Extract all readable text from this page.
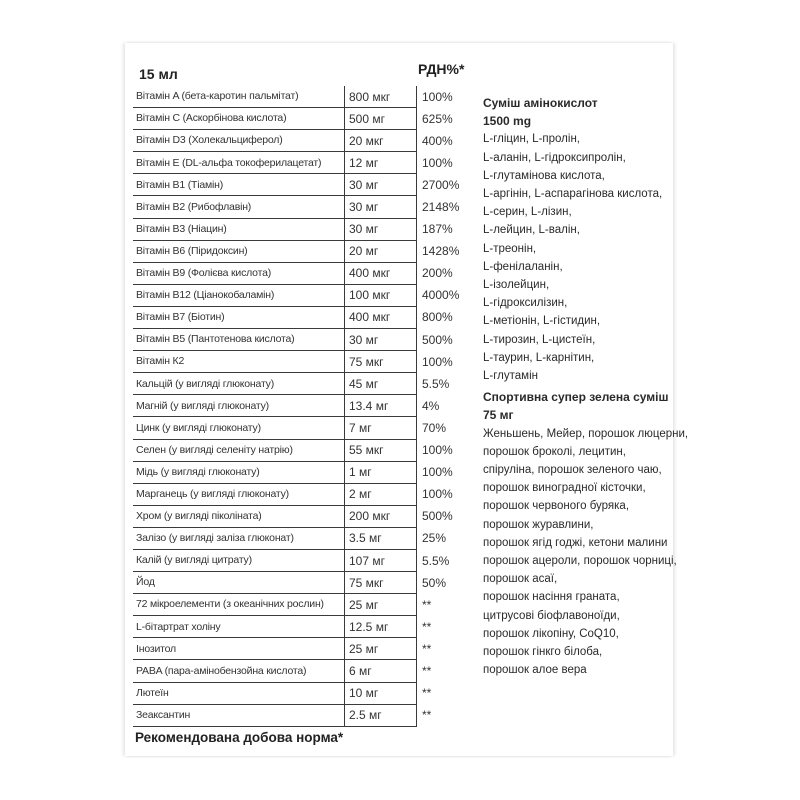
15 мл	РДН%*
Вітамін A (бета-каротин пальмітат)	800 мкг	100%
Вітамін C (Аскорбінова кислота)	500 мг	625%
Вітамін D3 (Холекальциферол)	20 мкг	400%
Вітамін E (DL-альфа токоферилацетат)	12 мг	100%
Вітамін B1 (Тіамін)	30 мг	2700%
Вітамін B2 (Рибофлавін)	30 мг	2148%
Вітамін B3 (Ніацин)	30 мг	187%
Вітамін B6 (Піридоксин)	20 мг	1428%
Вітамін B9 (Фолієва кислота)	400 мкг	200%
Вітамін B12 (Ціанокобаламін)	100 мкг	4000%
Вітамін B7 (Біотин)	400 мкг	800%
Вітамін B5 (Пантотенова кислота)	30 мг	500%
Вітамін К2	75 мкг	100%
Кальцій (у вигляді глюконату)	45 мг	5.5%
Магній (у вигляді глюконату)	13.4 мг	4%
Цинк (у вигляді глюконату)	7 мг	70%
Селен (у вигляді селеніту натрію)	55 мкг	100%
Мідь (у вигляді глюконату)	1 мг	100%
Марганець (у вигляді глюконату)	2 мг	100%
Хром (у вигляді пiколiната)	200 мкг	500%
Залізо (у вигляді заліза глюконат)	3.5 мг	25%
Калій (у вигляді цитрату)	107 мг	5.5%
Йод	75 мкг	50%
72 мікроелементи (з океанічних рослин)	25 мг	**
L-бітартрат холіну	12.5 мг	**
Інозитол	25 мг	**
PABA (пара-амінобензойна кислота)	6 мг	**
Лютеїн	10 мг	**
Зеаксантин	2.5 мг	**
Рекомендована добова норма*
Суміш амінокислот
1500 mg
L-гліцин, L-пролін,
L-аланін, L-гідроксипролін,
L-глутамінова кислота,
L-аргінін, L-аспарагінова кислота,
L-серин, L-лізин,
L-лейцин, L-валін,
L-треонін,
L-фенілаланін,
L-ізолейцин,
L-гідроксилізин,
L-метіонін, L-гістидин,
L-тирозин, L-цистеїн,
L-таурин, L-карнітин,
L-глутамін
Спортивна супер зелена суміш
75 мг
Женьшень, Мейер, порошок люцерни,
порошок броколі, лецитин,
спіруліна, порошок зеленого чаю,
порошок виноградної кісточки,
порошок червоного буряка,
порошок журавлини,
порошок ягід годжі, кетони малини
порошок ацероли, порошок чорниці,
порошок асаї,
порошок насіння граната,
цитрусові біофлавоноїди,
порошок лікопіну, CoQ10,
порошок гінкго білоба,
порошок алое вера
